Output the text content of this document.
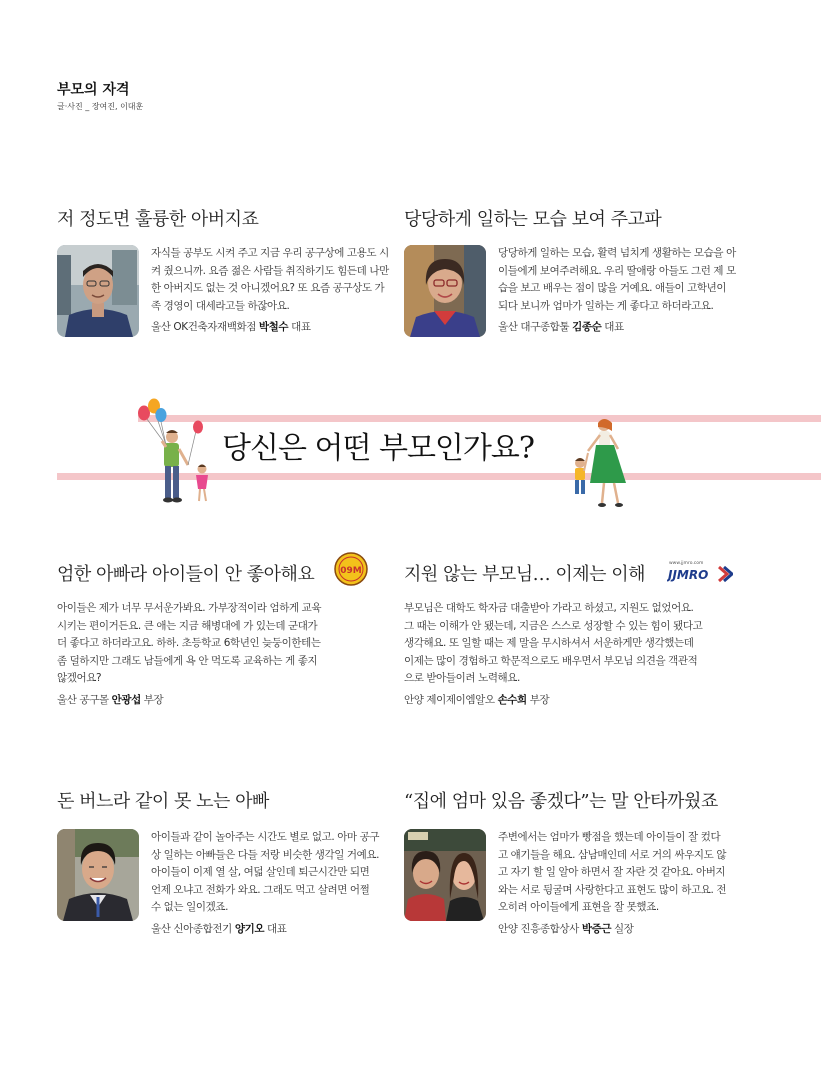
부모의 자격
글·사진 _ 장여진, 이대훈
저 정도면 훌륭한 아버지죠

자식들 공부도 시켜 주고 지금 우리 공구상에 고용도 시켜 줬으니까. 요즘 젊은 사람들 취직하기도 힘든데 나만한 아버지도 없는 것 아니겠어요? 또 요즘 공구상도 가족 경영이 대세라고들 하잖아요.

울산 OK건축자재백화점 박철수 대표

당당하게 일하는 모습 보여 주고파

당당하게 일하는 모습, 활력 넘치게 생활하는 모습을 아이들에게 보여주려해요. 우리 딸애랑 아들도 그런 제 모습을 보고 배우는 점이 많을 거예요. 애들이 고학년이 되다 보니까 엄마가 일하는 게 좋다고 하더라고요.

울산 대구종합툴 김종순 대표

당신은 어떤 부모인가요?
엄한 아빠라 아이들이 안 좋아해요

아이들은 제가 너무 무서운가봐요. 가부장적이라 엄하게 교육시키는 편이거든요. 큰 애는 지금 해병대에 가 있는데 군대가 더 좋다고 하더라고요. 하하. 초등학교 6학년인 늦둥이한테는 좀 덜하지만 그래도 남들에게 욕 안 먹도록 교육하는 게 좋지 않겠어요?

울산 공구몰 안광섭 부장

09M 지원 않는 부모님… 이제는 이해

부모님은 대학도 학자금 대출받아 가라고 하셨고, 지원도 없었어요. 그 때는 이해가 안 됐는데, 지금은 스스로 성장할 수 있는 힘이 됐다고 생각해요. 또 일할 때는 제 말을 무시하셔서 서운하게만 생각했는데 이제는 많이 경험하고 학문적으로도 배우면서 부모님 의견을 객관적으로 받아들이려 노력해요.

안양 제이제이엠알오 손수희 부장

www.jjmro.com
JJMRO
돈 버느라 같이 못 노는 아빠

아이들과 같이 놀아주는 시간도 별로 없고. 아마 공구상 일하는 아빠들은 다들 저랑 비슷한 생각일 거예요. 아이들이 이제 열 살, 여덟 살인데 퇴근시간만 되면 언제 오냐고 전화가 와요. 그래도 먹고 살려면 어쩔 수 없는 일이겠죠.

울산 신아종합전기 양기오 대표

“집에 엄마 있음 좋겠다”는 말 안타까웠죠

주변에서는 엄마가 빵점을 했는데 아이들이 잘 컸다고 얘기들을 해요. 삼남매인데 서로 거의 싸우지도 않고 자기 할 일 알아 하면서 잘 자란 것 같아요. 아버지와는 서로 뒹굴며 사랑한다고 표현도 많이 하고요. 전 오히려 아이들에게 표현을 잘 못했죠.

안양 진흥종합상사 박증근 실장
